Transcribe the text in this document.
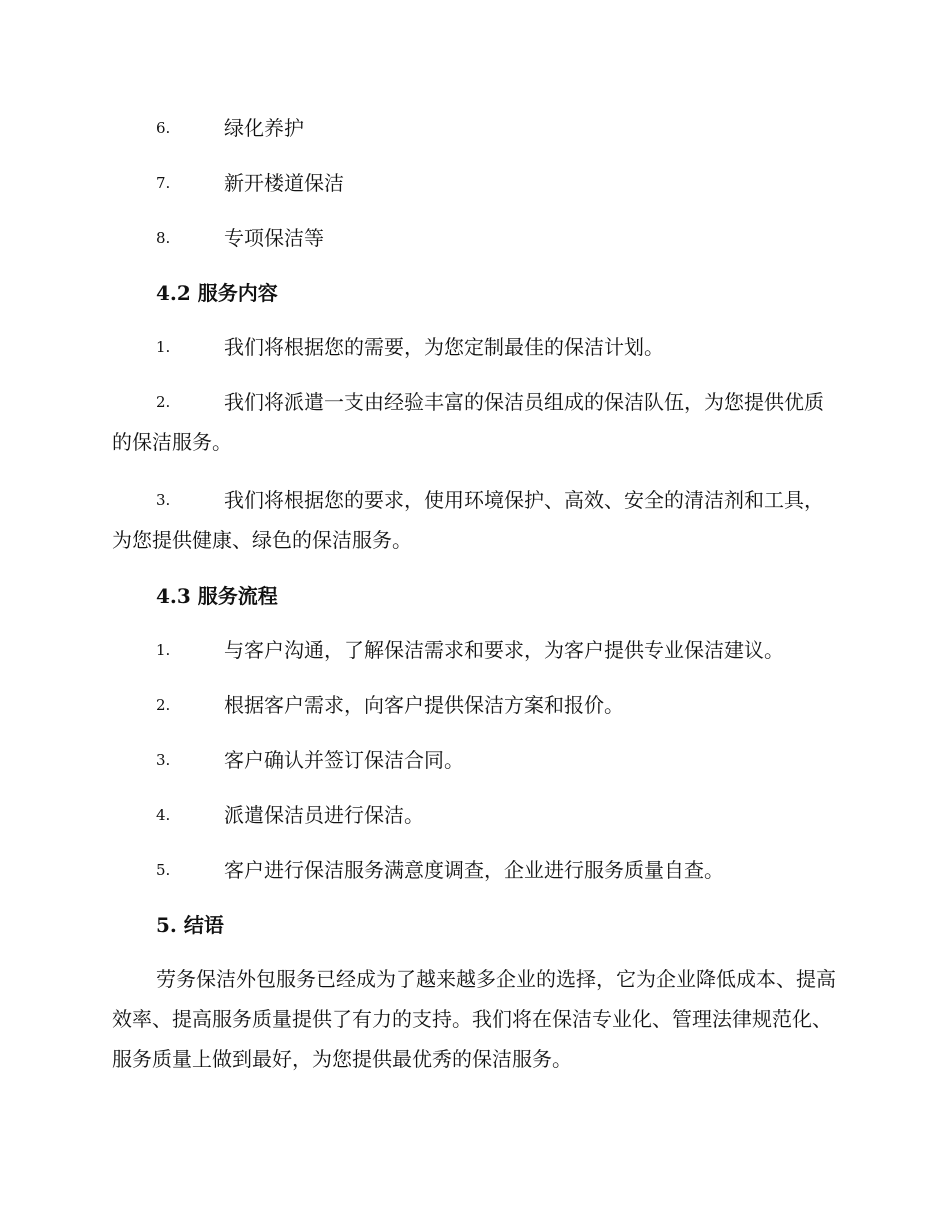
6.	绿化养护
7.	新开楼道保洁
8.	专项保洁等
4.2 服务内容
1.	我们将根据您的需要，为您定制最佳的保洁计划。
2.	我们将派遣一支由经验丰富的保洁员组成的保洁队伍，为您提供优质的保洁服务。
3.	我们将根据您的要求，使用环境保护、高效、安全的清洁剂和工具，为您提供健康、绿色的保洁服务。
4.3 服务流程
1.	与客户沟通，了解保洁需求和要求，为客户提供专业保洁建议。
2.	根据客户需求，向客户提供保洁方案和报价。
3.	客户确认并签订保洁合同。
4.	派遣保洁员进行保洁。
5.	客户进行保洁服务满意度调查，企业进行服务质量自查。
5. 结语
劳务保洁外包服务已经成为了越来越多企业的选择，它为企业降低成本、提高效率、提高服务质量提供了有力的支持。我们将在保洁专业化、管理法律规范化、服务质量上做到最好，为您提供最优秀的保洁服务。
